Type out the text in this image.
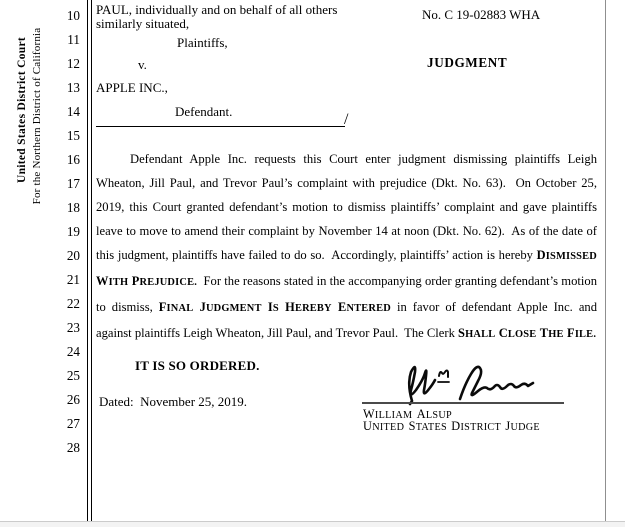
United States District Court For the Northern District of California
10
11
12
13
14
15
16
17
18
19
20
21
22
23
24
25
26
27
28
PAUL, individually and on behalf of all others
similarly situated,
Plaintiffs,
v.
APPLE INC.,
Defendant.	/
No. C 19-02883 WHA
JUDGMENT

Defendant Apple Inc. requests this Court enter judgment dismissing plaintiffs Leigh Wheaton, Jill Paul, and Trevor Paul’s complaint with prejudice (Dkt. No. 63).  On October 25, 2019, this Court granted defendant’s motion to dismiss plaintiffs’ complaint and gave plaintiffs leave to move to amend their complaint by November 14 at noon (Dkt. No. 62).  As of the date of this judgment, plaintiffs have failed to do so.  Accordingly, plaintiffs’ action is hereby DISMISSED WITH PREJUDICE.  For the reasons stated in the accompanying order granting defendant’s motion to dismiss, FINAL JUDGMENT IS HEREBY ENTERED in favor of defendant Apple Inc. and against plaintiffs Leigh Wheaton, Jill Paul, and Trevor Paul.  The Clerk SHALL CLOSE THE FILE.

IT IS SO ORDERED.
Dated:  November 25, 2019.
WILLIAM ALSUP
UNITED STATES DISTRICT JUDGE
